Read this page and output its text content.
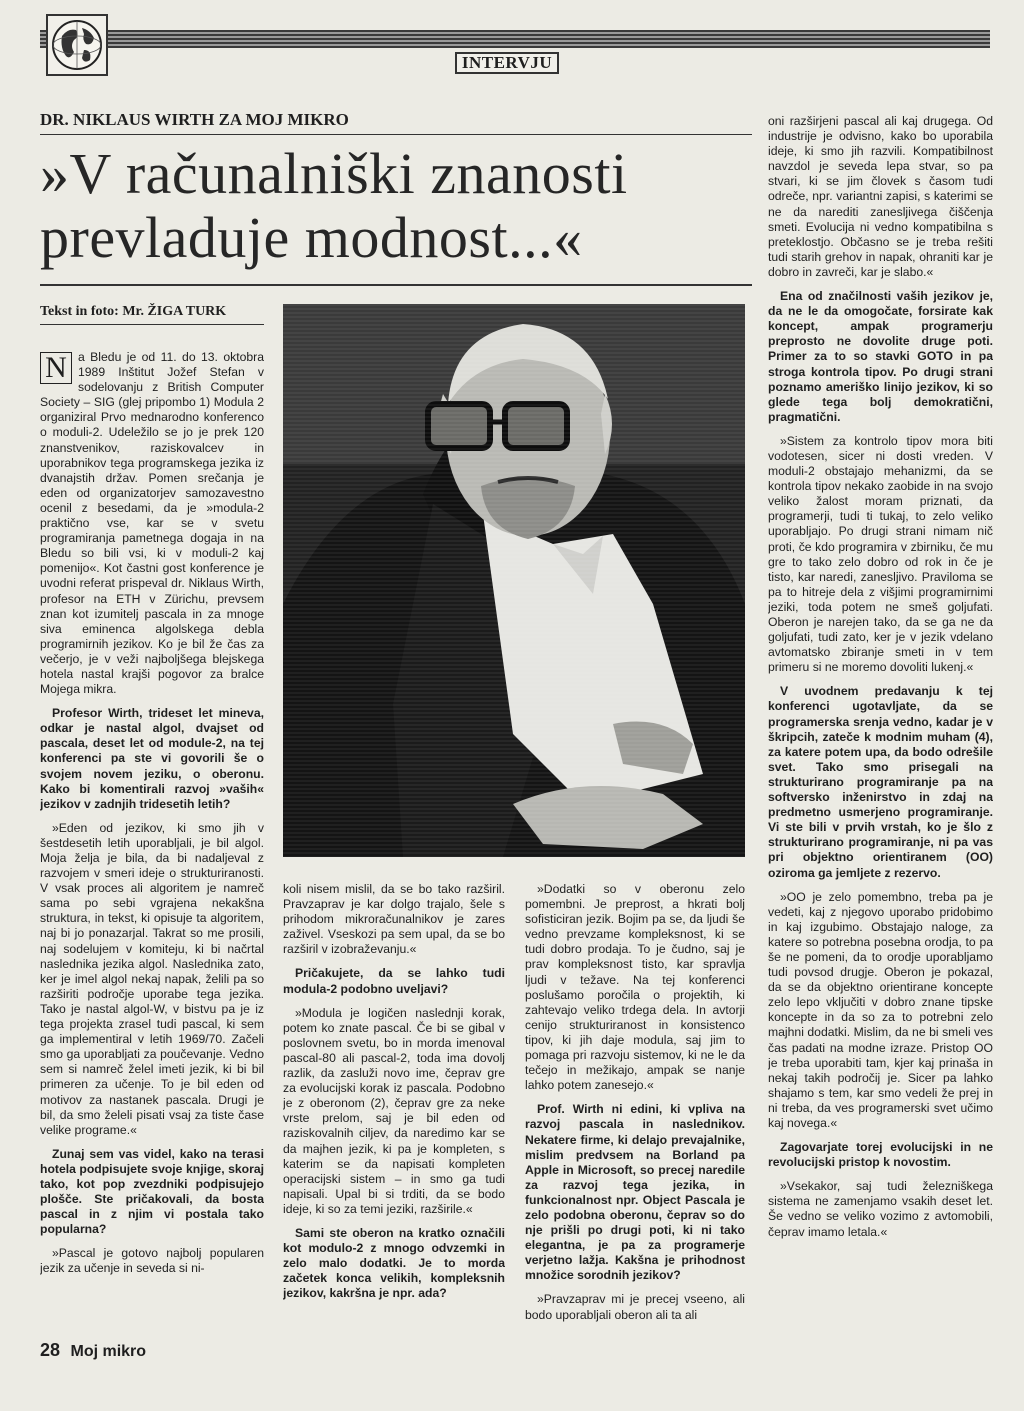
INTERVJU
DR. NIKLAUS WIRTH ZA MOJ MIKRO
»V računalniški znanosti
prevladuje modnost...«
Tekst in foto: Mr. ŽIGA TURK

N a Bledu je od 11. do 13. oktobra 1989 Inštitut Jožef Stefan v sodelovanju z British Computer Society – SIG (glej pripombo 1) Modula 2 organiziral Prvo mednarodno konferenco o moduli-2. Udeležilo se jo je prek 120 znanstvenikov, raziskovalcev in uporabnikov tega programskega jezika iz dvanajstih držav. Pomen srečanja je eden od organizatorjev samozavestno ocenil z besedami, da je »modula-2 praktično vse, kar se v svetu programiranja pametnega dogaja in na Bledu so bili vsi, ki v moduli-2 kaj pomenijo«. Kot častni gost konference je uvodni referat prispeval dr. Niklaus Wirth, profesor na ETH v Zürichu, prevsem znan kot izumitelj pascala in za mnoge siva eminenca algolskega debla programirnih jezikov. Ko je bil že čas za večerjo, je v veži najboljšega blejskega hotela nastal krajši pogovor za bralce Mojega mikra.

Profesor Wirth, trideset let mineva, odkar je nastal algol, dvajset od pascala, deset let od module-2, na tej konferenci pa ste vi govorili še o svojem novem jeziku, o oberonu. Kako bi komentirali razvoj »vaših« jezikov v zadnjih tridesetih letih?

»Eden od jezikov, ki smo jih v šestdesetih letih uporabljali, je bil algol. Moja želja je bila, da bi nadaljeval z razvojem v smeri ideje o strukturiranosti. V vsak proces ali algoritem je namreč sama po sebi vgrajena nekakšna struktura, in tekst, ki opisuje ta algoritem, naj bi jo ponazarjal. Takrat so me prosili, naj sodelujem v komiteju, ki bi načrtal naslednika jezika algol. Naslednika zato, ker je imel algol nekaj napak, želili pa so razširiti področje uporabe tega jezika. Tako je nastal algol-W, v bistvu pa je iz tega projekta zrasel tudi pascal, ki sem ga implementiral v letih 1969/70. Začeli smo ga uporabljati za poučevanje. Vedno sem si namreč želel imeti jezik, ki bi bil primeren za učenje. To je bil eden od motivov za nastanek pascala. Drugi je bil, da smo želeli pisati vsaj za tiste čase velike programe.«

Zunaj sem vas videl, kako na terasi hotela podpisujete svoje knjige, skoraj tako, kot pop zvezdniki podpisujejo plošče. Ste pričakovali, da bosta pascal in z njim vi postala tako popularna?

»Pascal je gotovo najbolj popularen jezik za učenje in seveda si ni-

koli nisem mislil, da se bo tako razširil. Pravzaprav je kar dolgo trajalo, šele s prihodom mikroračunalnikov je zares zaživel. Vseskozi pa sem upal, da se bo razširil v izobraževanju.«

Pričakujete, da se lahko tudi modula-2 podobno uveljavi?

»Modula je logičen naslednji korak, potem ko znate pascal. Če bi se gibal v poslovnem svetu, bo in morda imenoval pascal-80 ali pascal-2, toda ima dovolj razlik, da zasluži novo ime, čeprav gre za evolucijski korak iz pascala. Podobno je z oberonom (2), čeprav gre za neke vrste prelom, saj je bil eden od raziskovalnih ciljev, da naredimo kar se da majhen jezik, ki pa je kompleten, s katerim se da napisati kompleten operacijski sistem – in smo ga tudi napisali. Upal bi si trditi, da se bodo ideje, ki so za temi jeziki, razširile.«

Sami ste oberon na kratko označili kot modulo-2 z mnogo odvzemki in zelo malo dodatki. Je to morda začetek konca velikih, kompleksnih jezikov, kakršna je npr. ada?

»Dodatki so v oberonu zelo pomembni. Je preprost, a hkrati bolj sofisticiran jezik. Bojim pa se, da ljudi še vedno prevzame kompleksnost, ki se tudi dobro prodaja. To je čudno, saj je prav kompleksnost tisto, kar spravlja ljudi v težave. Na tej konferenci poslušamo poročila o projektih, ki zahtevajo veliko trdega dela. In avtorji cenijo strukturiranost in konsistenco tipov, ki jih daje modula, saj jim to pomaga pri razvoju sistemov, ki ne le da tečejo in mežikajo, ampak se nanje lahko potem zanesejo.«

Prof. Wirth ni edini, ki vpliva na razvoj pascala in naslednikov. Nekatere firme, ki delajo prevajalnike, mislim predvsem na Borland pa Apple in Microsoft, so precej naredile za razvoj tega jezika, in funkcionalnost npr. Object Pascala je zelo podobna oberonu, čeprav so do nje prišli po drugi poti, ki ni tako elegantna, je pa za programerje verjetno lažja. Kakšna je prihodnost množice sorodnih jezikov?

»Pravzaprav mi je precej vseeno, ali bodo uporabljali oberon ali ta ali

oni razširjeni pascal ali kaj drugega. Od industrije je odvisno, kako bo uporabila ideje, ki smo jih razvili. Kompatibilnost navzdol je seveda lepa stvar, so pa stvari, ki se jim človek s časom tudi odreče, npr. variantni zapisi, s katerimi se ne da narediti zanesljivega čiščenja smeti. Evolucija ni vedno kompatibilna s preteklostjo. Občasno se je treba rešiti tudi starih grehov in napak, ohraniti kar je dobro in zavreči, kar je slabo.«

Ena od značilnosti vaših jezikov je, da ne le da omogočate, forsirate kak koncept, ampak programerju preprosto ne dovolite druge poti. Primer za to so stavki GOTO in pa stroga kontrola tipov. Po drugi strani poznamo ameriško linijo jezikov, ki so glede tega bolj demokratični, pragmatični.

»Sistem za kontrolo tipov mora biti vodotesen, sicer ni dosti vreden. V moduli-2 obstajajo mehanizmi, da se kontrola tipov nekako zaobide in na svojo veliko žalost moram priznati, da programerji, tudi ti tukaj, to zelo veliko uporabljajo. Po drugi strani nimam nič proti, če kdo programira v zbirniku, če mu gre to tako zelo dobro od rok in če je tisto, kar naredi, zanesljivo. Praviloma se pa to hitreje dela z višjimi programirnimi jeziki, toda potem ne smeš goljufati. Oberon je narejen tako, da se ga ne da goljufati, tudi zato, ker je v jezik vdelano avtomatsko zbiranje smeti in v tem primeru si ne moremo dovoliti lukenj.«

V uvodnem predavanju k tej konferenci ugotavljate, da se programerska srenja vedno, kadar je v škripcih, zateče k modnim muham (4), za katere potem upa, da bodo odrešile svet. Tako smo prisegali na strukturirano programiranje pa na softversko inženirstvo in zdaj na predmetno usmerjeno programiranje. Vi ste bili v prvih vrstah, ko je šlo z strukturirano programiranje, ni pa vas pri objektno orientiranem (OO) oziroma ga jemljete z rezervo.

»OO je zelo pomembno, treba pa je vedeti, kaj z njegovo uporabo pridobimo in kaj izgubimo. Obstajajo naloge, za katere so potrebna posebna orodja, to pa še ne pomeni, da to orodje uporabljamo tudi povsod drugje. Oberon je pokazal, da se da objektno orientirane koncepte zelo lepo vključiti v dobro znane tipske koncepte in da so za to potrebni zelo majhni dodatki. Mislim, da ne bi smeli ves čas padati na modne izraze. Pristop OO je treba uporabiti tam, kjer kaj prinaša in nekaj takih področij je. Sicer pa lahko shajamo s tem, kar smo vedeli že prej in ni treba, da ves programerski svet učimo kaj novega.«

Zagovarjate torej evolucijski in ne revolucijski pristop k novostim.

»Vsekakor, saj tudi železniškega sistema ne zamenjamo vsakih deset let. Še vedno se veliko vozimo z avtomobili, čeprav imamo letala.«

28 Moj mikro
